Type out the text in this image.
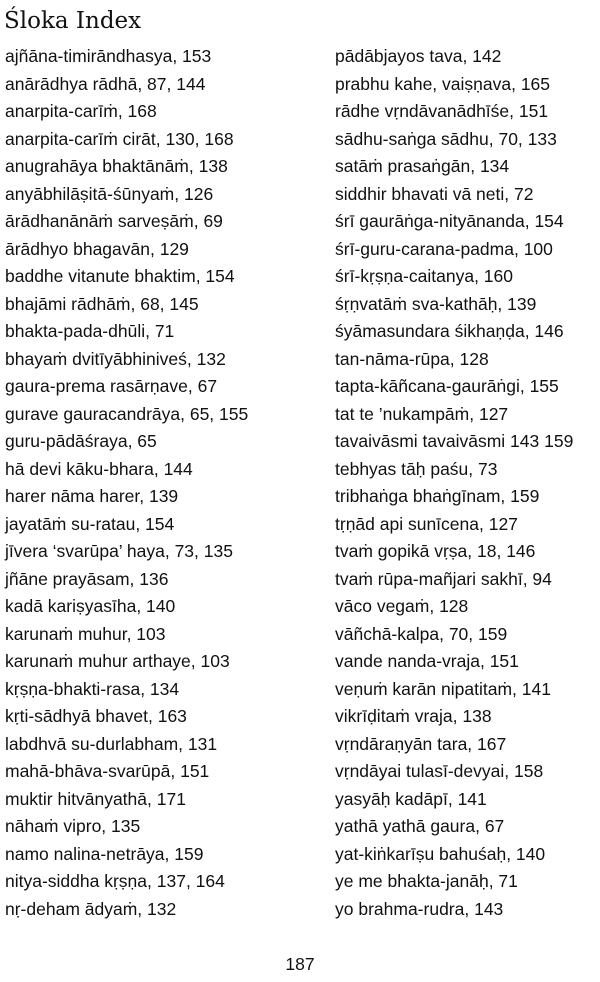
Śloka Index
ajñāna-timirāndhasya, 153
anārādhya rādhā, 87, 144
anarpita-carīṁ, 168
anarpita-carīṁ cirāt, 130, 168
anugrahāya bhaktānāṁ, 138
anyābhilāṣitā-śūnyaṁ, 126
ārādhanānāṁ sarveṣāṁ, 69
ārādhyo bhagavān, 129
baddhe vitanute bhaktim, 154
bhajāmi rādhāṁ, 68, 145
bhakta-pada-dhūli, 71
bhayaṁ dvitīyābhiniveś, 132
gaura-prema rasārṇave, 67
gurave gauracandrāya, 65, 155
guru-pādāśraya, 65
hā devi kāku-bhara, 144
harer nāma harer, 139
jayatāṁ su-ratau, 154
jīvera ‘svarūpa’ haya, 73, 135
jñāne prayāsam, 136
kadā kariṣyasīha, 140
karunaṁ muhur, 103
karunaṁ muhur arthaye, 103
kṛṣṇa-bhakti-rasa, 134
kṛti-sādhyā bhavet, 163
labdhvā su-durlabham, 131
mahā-bhāva-svarūpā, 151
muktir hitvānyathā, 171
nāhaṁ vipro, 135
namo nalina-netrāya, 159
nitya-siddha kṛṣṇa, 137, 164
nṛ-deham ādyaṁ, 132
pādābjayos tava, 142
prabhu kahe, vaiṣṇava, 165
rādhe vṛndāvanādhīśe, 151
sādhu-saṅga sādhu, 70, 133
satāṁ prasaṅgān, 134
siddhir bhavati vā neti, 72
śrī gaurāṅga-nityānanda, 154
śrī-guru-carana-padma, 100
śrī-kṛṣṇa-caitanya, 160
śṛṇvatāṁ sva-kathāḥ, 139
śyāmasundara śikhaṇḍa, 146
tan-nāma-rūpa, 128
tapta-kāñcana-gaurāṅgi, 155
tat te ’nukampāṁ, 127
tavaivāsmi tavaivāsmi 143 159
tebhyas tāḥ paśu, 73
tribhaṅga bhaṅgīnam, 159
tṛṇād api sunīcena, 127
tvaṁ gopikā vṛṣa, 18, 146
tvaṁ rūpa-mañjari sakhī, 94
vāco vegaṁ, 128
vāñchā-kalpa, 70, 159
vande nanda-vraja, 151
veṇuṁ karān nipatitaṁ, 141
vikrīḍitaṁ vraja, 138
vṛndāraṇyān tara, 167
vṛndāyai tulasī-devyai, 158
yasyāḥ kadāpī, 141
yathā yathā gaura, 67
yat-kiṅkarīṣu bahuśaḥ, 140
ye me bhakta-janāḥ, 71
yo brahma-rudra, 143
187
